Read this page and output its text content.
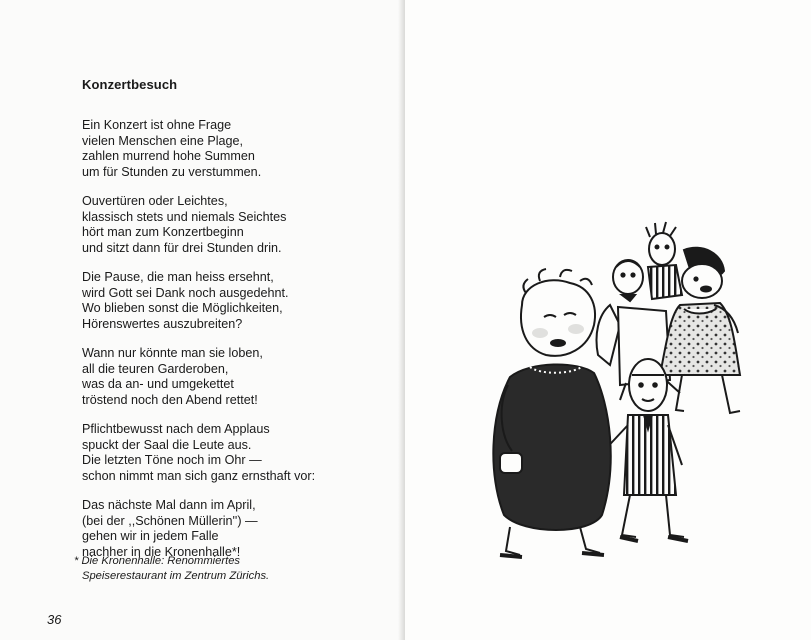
Konzertbesuch
Ein Konzert ist ohne Frage
vielen Menschen eine Plage,
zahlen murrend hohe Summen
um für Stunden zu verstummen.
Ouvertüren oder Leichtes,
klassisch stets und niemals Seichtes
hört man zum Konzertbeginn
und sitzt dann für drei Stunden drin.
Die Pause, die man heiss ersehnt,
wird Gott sei Dank noch ausgedehnt.
Wo blieben sonst die Möglichkeiten,
Hörenswertes auszubreiten?
Wann nur könnte man sie loben,
all die teuren Garderoben,
was da an- und umgekettet
tröstend noch den Abend rettet!
Pflichtbewusst nach dem Applaus
spuckt der Saal die Leute aus.
Die letzten Töne noch im Ohr —
schon nimmt man sich ganz ernsthaft vor:
Das nächste Mal dann im April,
(bei der ,,Schönen Müllerin'') —
gehen wir in jedem Falle
nachher in die Kronenhalle*!
* Die Kronenhalle: Renommiertes
Speiserestaurant im Zentrum Zürichs.
36
